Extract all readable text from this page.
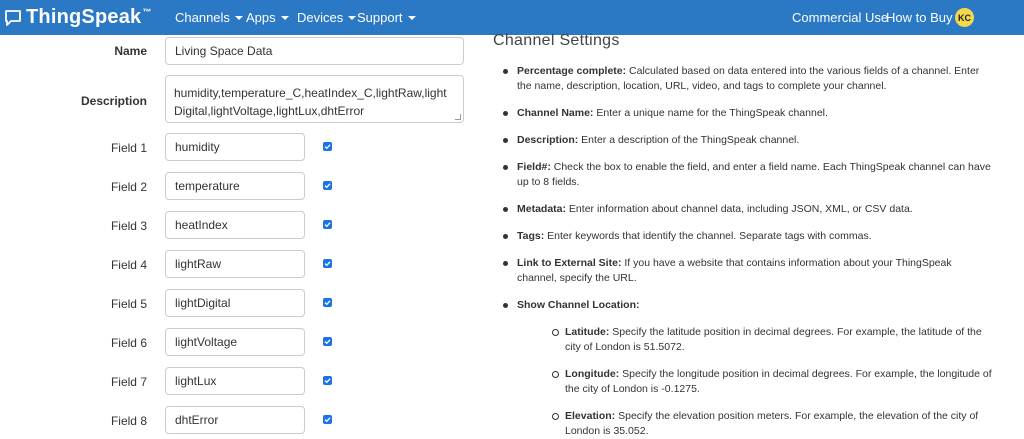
ThingSpeak™ Channels Apps Devices Support	Commercial Use
How to Buy KC
Name	Living Space Data
Description
humidity,temperature_C,heatIndex_C,lightRaw,lightDigital,lightVoltage,lightLux,dhtError
Field 1	humidity
Field 2	temperature
Field 3	heatIndex
Field 4	lightRaw
Field 5	lightDigital
Field 6	lightVoltage
Field 7	lightLux
Field 8	dhtError
Channel Settings
Percentage complete: Calculated based on data entered into the various fields of a channel. Enter the name, description, location, URL, video, and tags to complete your channel.
Channel Name: Enter a unique name for the ThingSpeak channel.
Description: Enter a description of the ThingSpeak channel.
Field#: Check the box to enable the field, and enter a field name. Each ThingSpeak channel can have up to 8 fields.
Metadata: Enter information about channel data, including JSON, XML, or CSV data.
Tags: Enter keywords that identify the channel. Separate tags with commas.
Link to External Site: If you have a website that contains information about your ThingSpeak channel, specify the URL.
Show Channel Location:
Latitude: Specify the latitude position in decimal degrees. For example, the latitude of the city of London is 51.5072.
Longitude: Specify the longitude position in decimal degrees. For example, the longitude of the city of London is -0.1275.
Elevation: Specify the elevation position meters. For example, the elevation of the city of London is 35.052.
